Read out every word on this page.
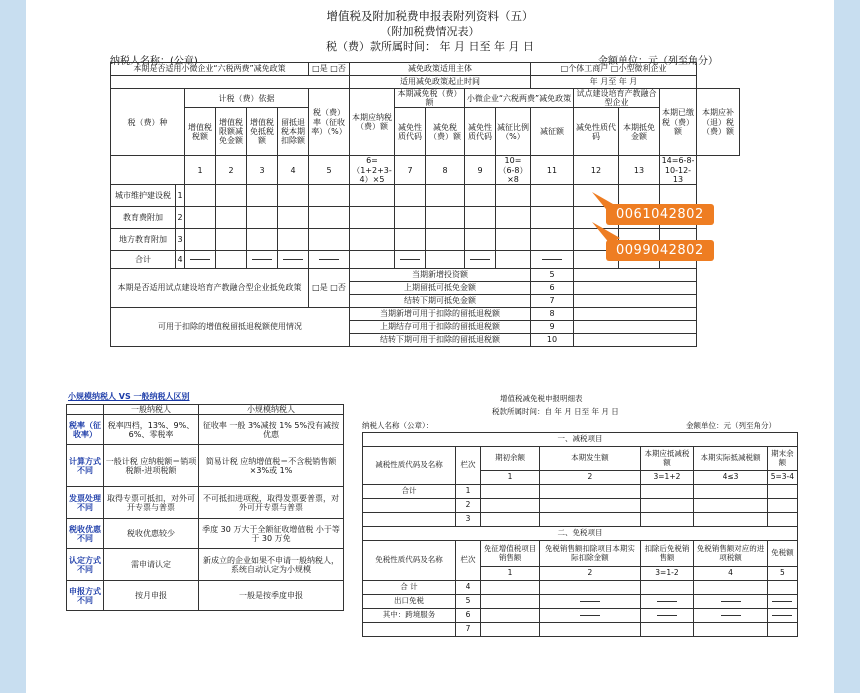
增值税及附加税费申报表附列资料（五）
（附加税费情况表）
税（费）款所属时间： 年 月 日至 年 月 日
纳税人名称：(公章)	金额单位：元（列至角分）
本期是否适用小微企业“六税两费”减免政策						□是 □否	减免政策适用主体					□个体工商户 □小型微利企业				
							适用减免政策起止时间					年 月至 年 月				
税（费）种		计税（费）依据				税（费）率（征收率）（%）	本期应纳税（费）额	本期减免税（费）额		小微企业“六税两费”减免政策			试点建设培育产教融合型企业		本期已缴税（费）额	本期应补（退）税（费）额
								减免性质代码	减免税（费）额	减免性质代码	减征比例（%）	减征额	减免性质代码	本期抵免金额		
		增值税税额	增值税限额减免金额	增值税免抵税额	留抵退税本期扣除额											
		1	2	3	4	5	6=（1+2+3-4）×5	7	8	9	10=（6-8）×8	11	12	13	14=6-8-10-12-13	
城市维护建设税	1															
教育费附加	2															
地方教育附加	3															
合计	4															
本期是否适用试点建设培育产教融合型企业抵免政策						□是 □否	当期新增投资额					5				
							上期留抵可抵免金额					6				
							结转下期可抵免金额					7				
可用于扣除的增值税留抵退税额使用情况							当期新增可用于扣除的留抵退税额					8				
							上期结存可用于扣除的留抵退税额					9				
							结转下期可用于扣除的留抵退税额					10				
0061042802
0099042802
小规模纳税人 VS 一般纳税人区别
	一般纳税人	小规模纳税人
税率（征收率）	税率四档，13%、9%、6%、零税率	征收率 一般 3%减按 1% 5%没有减按优惠
计算方式不同	一般计税 应纳税额＝销项税额-进项税额	简易计税 应纳增值税＝不含税销售额×3%或 1%
发票处理不同	取得专票可抵扣，对外可开专票与普票	不可抵扣进项税，取得发票要普票，对外可开专票与普票
税收优惠不同	税收优惠较少	季度 30 万大于全额征收增值税 小于等于 30 万免
认定方式不同	需申请认定	新成立的企业如果不申请一般纳税人，系统自动认定为小规模
申报方式不同	按月申报	一般是按季度申报
增值税减免税申报明细表
税款所属时间：自 年 月 日至 年 月 日
纳税人名称（公章）：	金额单位：元（列至角分）
一、减税项目						
减税性质代码及名称	栏次	期初余额	本期发生额	本期应抵减税额	本期实际抵减税额	期末余额
		1	2	3=1+2	4≤3	5=3-4
合计	1					
	2					
	3					
二、免税项目						
免税性质代码及名称	栏次	免征增值税项目销售额	免税销售额扣除项目本期实际扣除金额	扣除后免税销售额	免税销售额对应的进项税额	免税额
		1	2	3=1-2	4	5
合 计	4					
出口免税	5					
其中：跨境服务	6					
	7					
